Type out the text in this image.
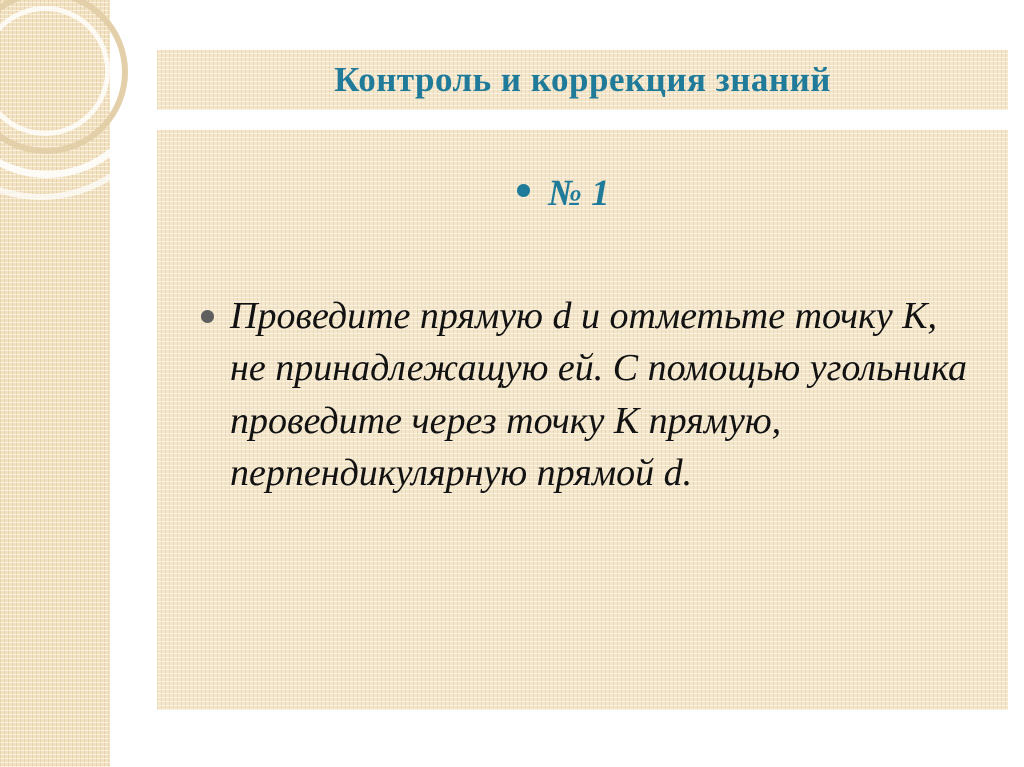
Контроль и коррекция знаний
№ 1
Проведите прямую d и отметьте точку К, не принадлежащую ей. С помощью угольника проведите через точку К прямую, перпендикулярную прямой d.
